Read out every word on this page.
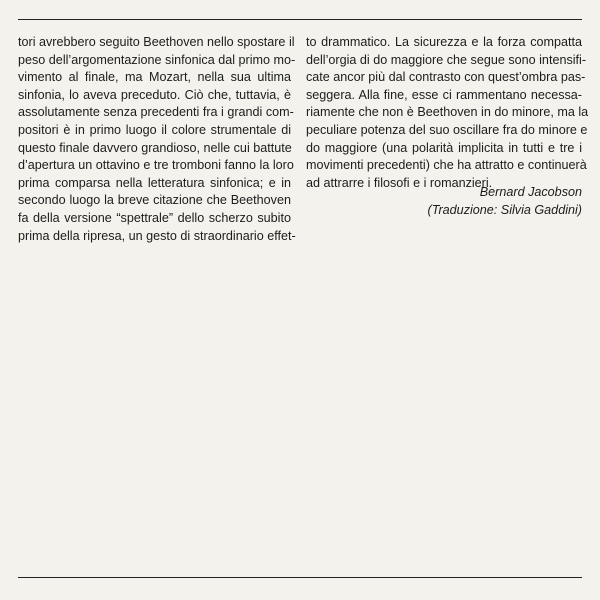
tori avrebbero seguito Beethoven nello spostare il
peso dell’argomentazione sinfonica dal primo mo-
vimento al finale, ma Mozart, nella sua ultima
sinfonia, lo aveva preceduto. Ciò che, tuttavia, è
assolutamente senza precedenti fra i grandi com-
positori è in primo luogo il colore strumentale di
questo finale davvero grandioso, nelle cui battute
d’apertura un ottavino e tre tromboni fanno la loro
prima comparsa nella letteratura sinfonica; e in
secondo luogo la breve citazione che Beethoven
fa della versione “spettrale” dello scherzo subito
prima della ripresa, un gesto di straordinario effet-
to drammatico. La sicurezza e la forza compatta
dell’orgia di do maggiore che segue sono intensifi-
cate ancor più dal contrasto con quest’ombra pas-
seggera. Alla fine, esse ci rammentano necessa-
riamente che non è Beethoven in do minore, ma la
peculiare potenza del suo oscillare fra do minore e
do maggiore (una polarità implicita in tutti e tre i
movimenti precedenti) che ha attratto e continuerà
ad attrarre i filosofi e i romanzieri.
Bernard Jacobson
(Traduzione: Silvia Gaddini)
